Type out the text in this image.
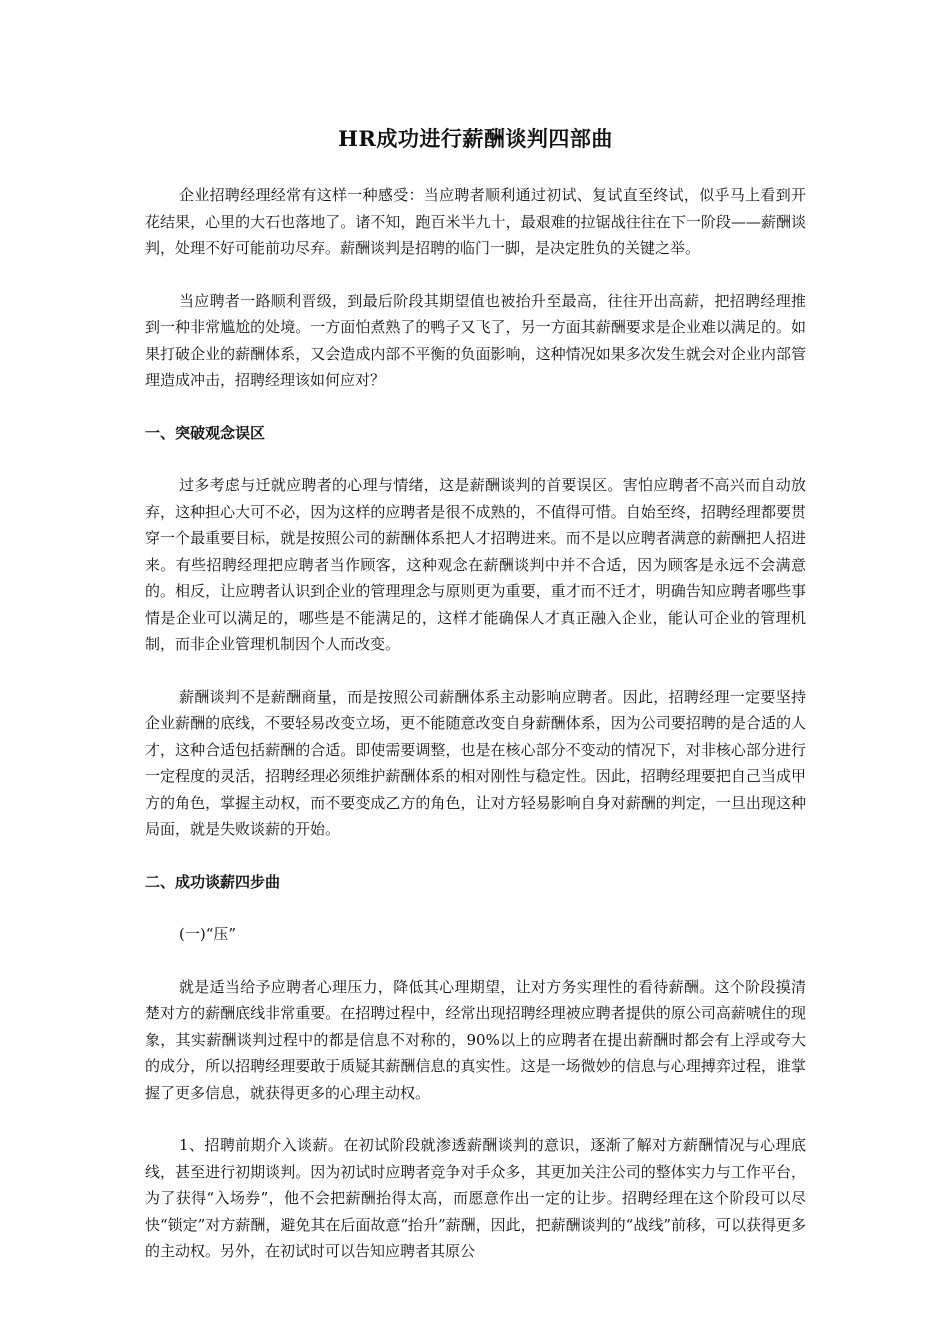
HR成功进行薪酬谈判四部曲

企业招聘经理经常有这样一种感受：当应聘者顺利通过初试、复试直至终试，似乎马上看到开花结果，心里的大石也落地了。诸不知，跑百米半九十，最艰难的拉锯战往往在下一阶段——薪酬谈判，处理不好可能前功尽弃。薪酬谈判是招聘的临门一脚，是决定胜负的关键之举。

当应聘者一路顺利晋级，到最后阶段其期望值也被抬升至最高，往往开出高薪，把招聘经理推到一种非常尴尬的处境。一方面怕煮熟了的鸭子又飞了，另一方面其薪酬要求是企业难以满足的。如果打破企业的薪酬体系，又会造成内部不平衡的负面影响，这种情况如果多次发生就会对企业内部管理造成冲击，招聘经理该如何应对？

一、突破观念误区

过多考虑与迁就应聘者的心理与情绪，这是薪酬谈判的首要误区。害怕应聘者不高兴而自动放弃，这种担心大可不必，因为这样的应聘者是很不成熟的，不值得可惜。自始至终，招聘经理都要贯穿一个最重要目标，就是按照公司的薪酬体系把人才招聘进来。而不是以应聘者满意的薪酬把人招进来。有些招聘经理把应聘者当作顾客，这种观念在薪酬谈判中并不合适，因为顾客是永远不会满意的。相反，让应聘者认识到企业的管理理念与原则更为重要，重才而不迁才，明确告知应聘者哪些事情是企业可以满足的，哪些是不能满足的，这样才能确保人才真正融入企业，能认可企业的管理机制，而非企业管理机制因个人而改变。

薪酬谈判不是薪酬商量，而是按照公司薪酬体系主动影响应聘者。因此，招聘经理一定要坚持企业薪酬的底线，不要轻易改变立场，更不能随意改变自身薪酬体系，因为公司要招聘的是合适的人才，这种合适包括薪酬的合适。即使需要调整，也是在核心部分不变动的情况下，对非核心部分进行一定程度的灵活，招聘经理必须维护薪酬体系的相对刚性与稳定性。因此，招聘经理要把自己当成甲方的角色，掌握主动权，而不要变成乙方的角色，让对方轻易影响自身对薪酬的判定，一旦出现这种局面，就是失败谈薪的开始。

二、成功谈薪四步曲
(一)“压”

就是适当给予应聘者心理压力，降低其心理期望，让对方务实理性的看待薪酬。这个阶段摸清楚对方的薪酬底线非常重要。在招聘过程中，经常出现招聘经理被应聘者提供的原公司高薪唬住的现象，其实薪酬谈判过程中的都是信息不对称的，90%以上的应聘者在提出薪酬时都会有上浮或夸大的成分，所以招聘经理要敢于质疑其薪酬信息的真实性。这是一场微妙的信息与心理搏弈过程，谁掌握了更多信息，就获得更多的心理主动权。

1、招聘前期介入谈薪。在初试阶段就渗透薪酬谈判的意识，逐渐了解对方薪酬情况与心理底线，甚至进行初期谈判。因为初试时应聘者竞争对手众多，其更加关注公司的整体实力与工作平台，为了获得“入场券”，他不会把薪酬抬得太高，而愿意作出一定的让步。招聘经理在这个阶段可以尽快“锁定”对方薪酬，避免其在后面故意“抬升”薪酬，因此，把薪酬谈判的“战线”前移，可以获得更多的主动权。另外，在初试时可以告知应聘者其原公
